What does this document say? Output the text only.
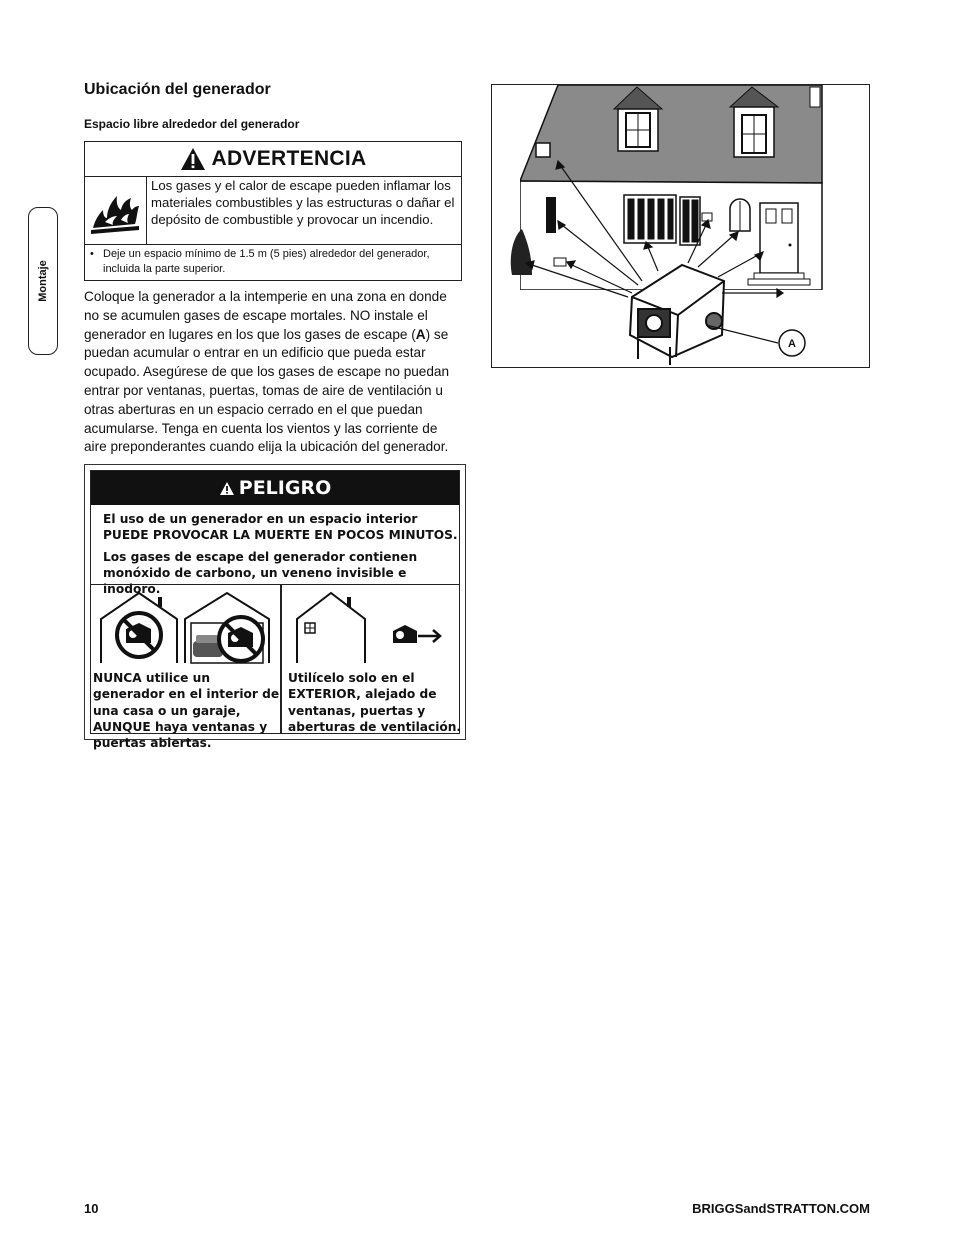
Montaje
Ubicación del generador
Espacio libre alrededor del generador
ADVERTENCIA
Los gases y el calor de escape pueden inflamar los materiales combustibles y las estructuras o dañar el depósito de combustible y provocar un incendio.
• Deje un espacio mínimo de 1.5 m (5 pies) alrededor del generador, incluida la parte superior.
Coloque la generador a la intemperie en una zona en donde no se acumulen gases de escape mortales. NO instale el generador en lugares en los que los gases de escape (A) se puedan acumular o entrar en un edificio que pueda estar ocupado. Asegúrese de que los gases de escape no puedan entrar por ventanas, puertas, tomas de aire de ventilación u otras aberturas en un espacio cerrado en el que puedan acumularse. Tenga en cuenta los vientos y las corriente de aire preponderantes cuando elija la ubicación del generador.
PELIGRO
El uso de un generador en un espacio interior PUEDE PROVOCAR LA MUERTE EN POCOS MINUTOS.
Los gases de escape del generador contienen monóxido de carbono, un veneno invisible e inodoro.
NUNCA utilice un generador en el interior de una casa o un garaje, AUNQUE haya ventanas y puertas abiertas.
Utilícelo solo en el EXTERIOR, alejado de ventanas, puertas y aberturas de ventilación.
A
10	BRIGGSandSTRATTON.COM
